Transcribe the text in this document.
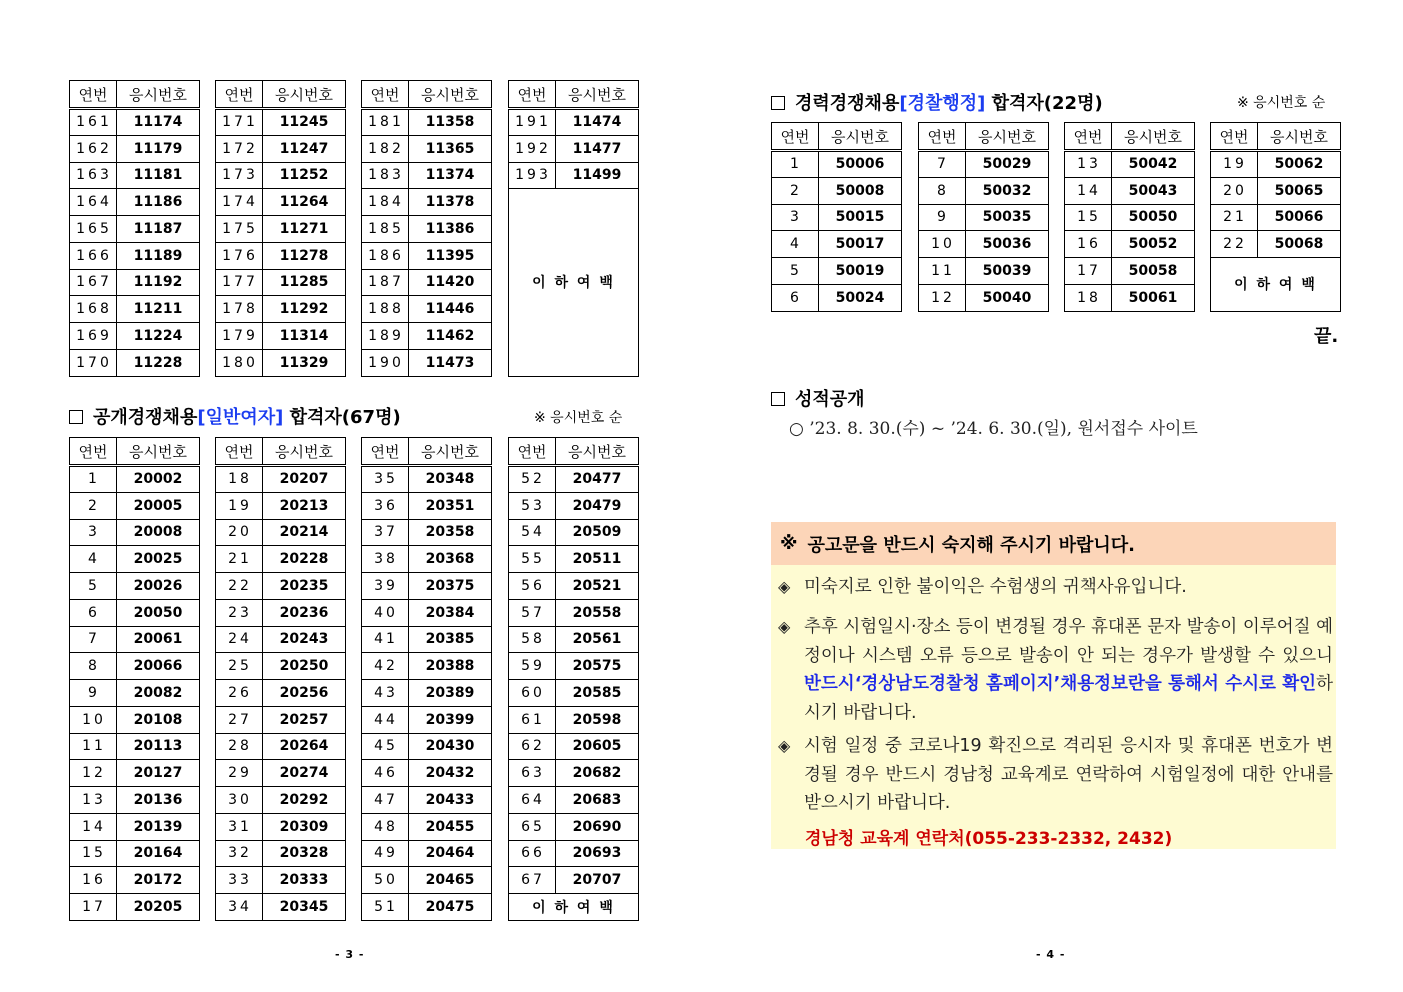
연번	응시번호
161	11174
162	11179
163	11181
164	11186
165	11187
166	11189
167	11192
168	11211
169	11224
170	11228
연번	응시번호
171	11245
172	11247
173	11252
174	11264
175	11271
176	11278
177	11285
178	11292
179	11314
180	11329
연번	응시번호
181	11358
182	11365
183	11374
184	11378
185	11386
186	11395
187	11420
188	11446
189	11462
190	11473
연번	응시번호
191	11474
192	11477
193	11499
이 하 여 백	
공개경쟁채용[일반여자] 합격자(67명)	※ 응시번호 순
연번	응시번호
1	20002
2	20005
3	20008
4	20025
5	20026
6	20050
7	20061
8	20066
9	20082
10	20108
11	20113
12	20127
13	20136
14	20139
15	20164
16	20172
17	20205
연번	응시번호
18	20207
19	20213
20	20214
21	20228
22	20235
23	20236
24	20243
25	20250
26	20256
27	20257
28	20264
29	20274
30	20292
31	20309
32	20328
33	20333
34	20345
연번	응시번호
35	20348
36	20351
37	20358
38	20368
39	20375
40	20384
41	20385
42	20388
43	20389
44	20399
45	20430
46	20432
47	20433
48	20455
49	20464
50	20465
51	20475
연번	응시번호
52	20477
53	20479
54	20509
55	20511
56	20521
57	20558
58	20561
59	20575
60	20585
61	20598
62	20605
63	20682
64	20683
65	20690
66	20693
67	20707
이 하 여 백	
- 3 -
경력경쟁채용[경찰행정] 합격자(22명)	※ 응시번호 순
연번	응시번호
1	50006
2	50008
3	50015
4	50017
5	50019
6	50024
연번	응시번호
7	50029
8	50032
9	50035
10	50036
11	50039
12	50040
연번	응시번호
13	50042
14	50043
15	50050
16	50052
17	50058
18	50061
연번	응시번호
19	50062
20	50065
21	50066
22	50068
이 하 여 백	
끝.
성적공개
○ ’23. 8. 30.(수) ~ ’24. 6. 30.(일), 원서접수 사이트
※ 공고문을 반드시 숙지해 주시기 바랍니다.
◈ 미숙지로 인한 불이익은 수험생의 귀책사유입니다.
◈ 추후 시험일시·장소 등이 변경될 경우 휴대폰 문자 발송이 이루어질 예정이나 시스템 오류 등으로 발송이 안 되는 경우가 발생할 수 있으니 반드시‘경상남도경찰청 홈페이지’채용정보란을 통해서 수시로 확인하시기 바랍니다.
◈ 시험 일정 중 코로나19 확진으로 격리된 응시자 및 휴대폰 번호가 변경될 경우 반드시 경남청 교육계로 연락하여 시험일정에 대한 안내를 받으시기 바랍니다.
경남청 교육계 연락처(055-233-2332, 2432)
- 4 -
